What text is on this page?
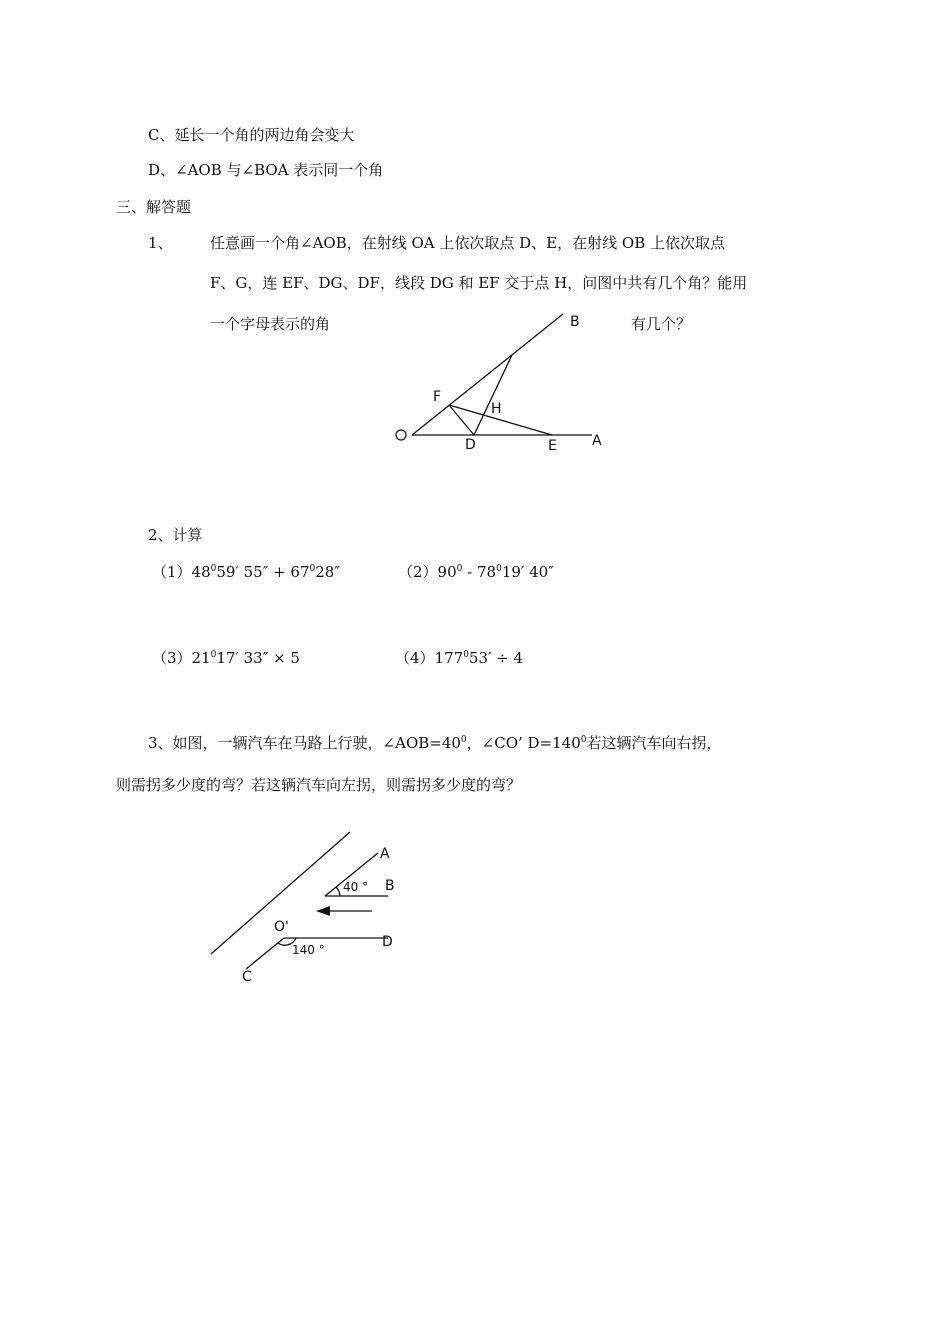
C、延长一个角的两边角会变大
D、∠AOB 与∠BOA 表示同一个角
三、解答题
1、 任意画一个角∠AOB，在射线 OA 上依次取点 D、E，在射线 OB 上依次取点
F、G，连 EF、DG、DF，线段 DG 和 EF 交于点 H，问图中共有几个角？能用
一个字母表示的角	有几个？
B
A
F
H
D	E
2、计算
$(1)48^059'$ $55'' + 67^028''$	$(2)90^0 - 78^019'$ 40″
$(3)21^017'$ 33″ × 5	$(4)177^053' \div 4$
3、如图，一辆汽车在马路上行驶，$\angle AOB=40^0$，∠CO’ $D=140^0$若这辆汽车向右拐，
则需拐多少度的弯？若这辆汽车向左拐，则需拐多少度的弯？
A
B
40 °
O'
D
140 °
C
